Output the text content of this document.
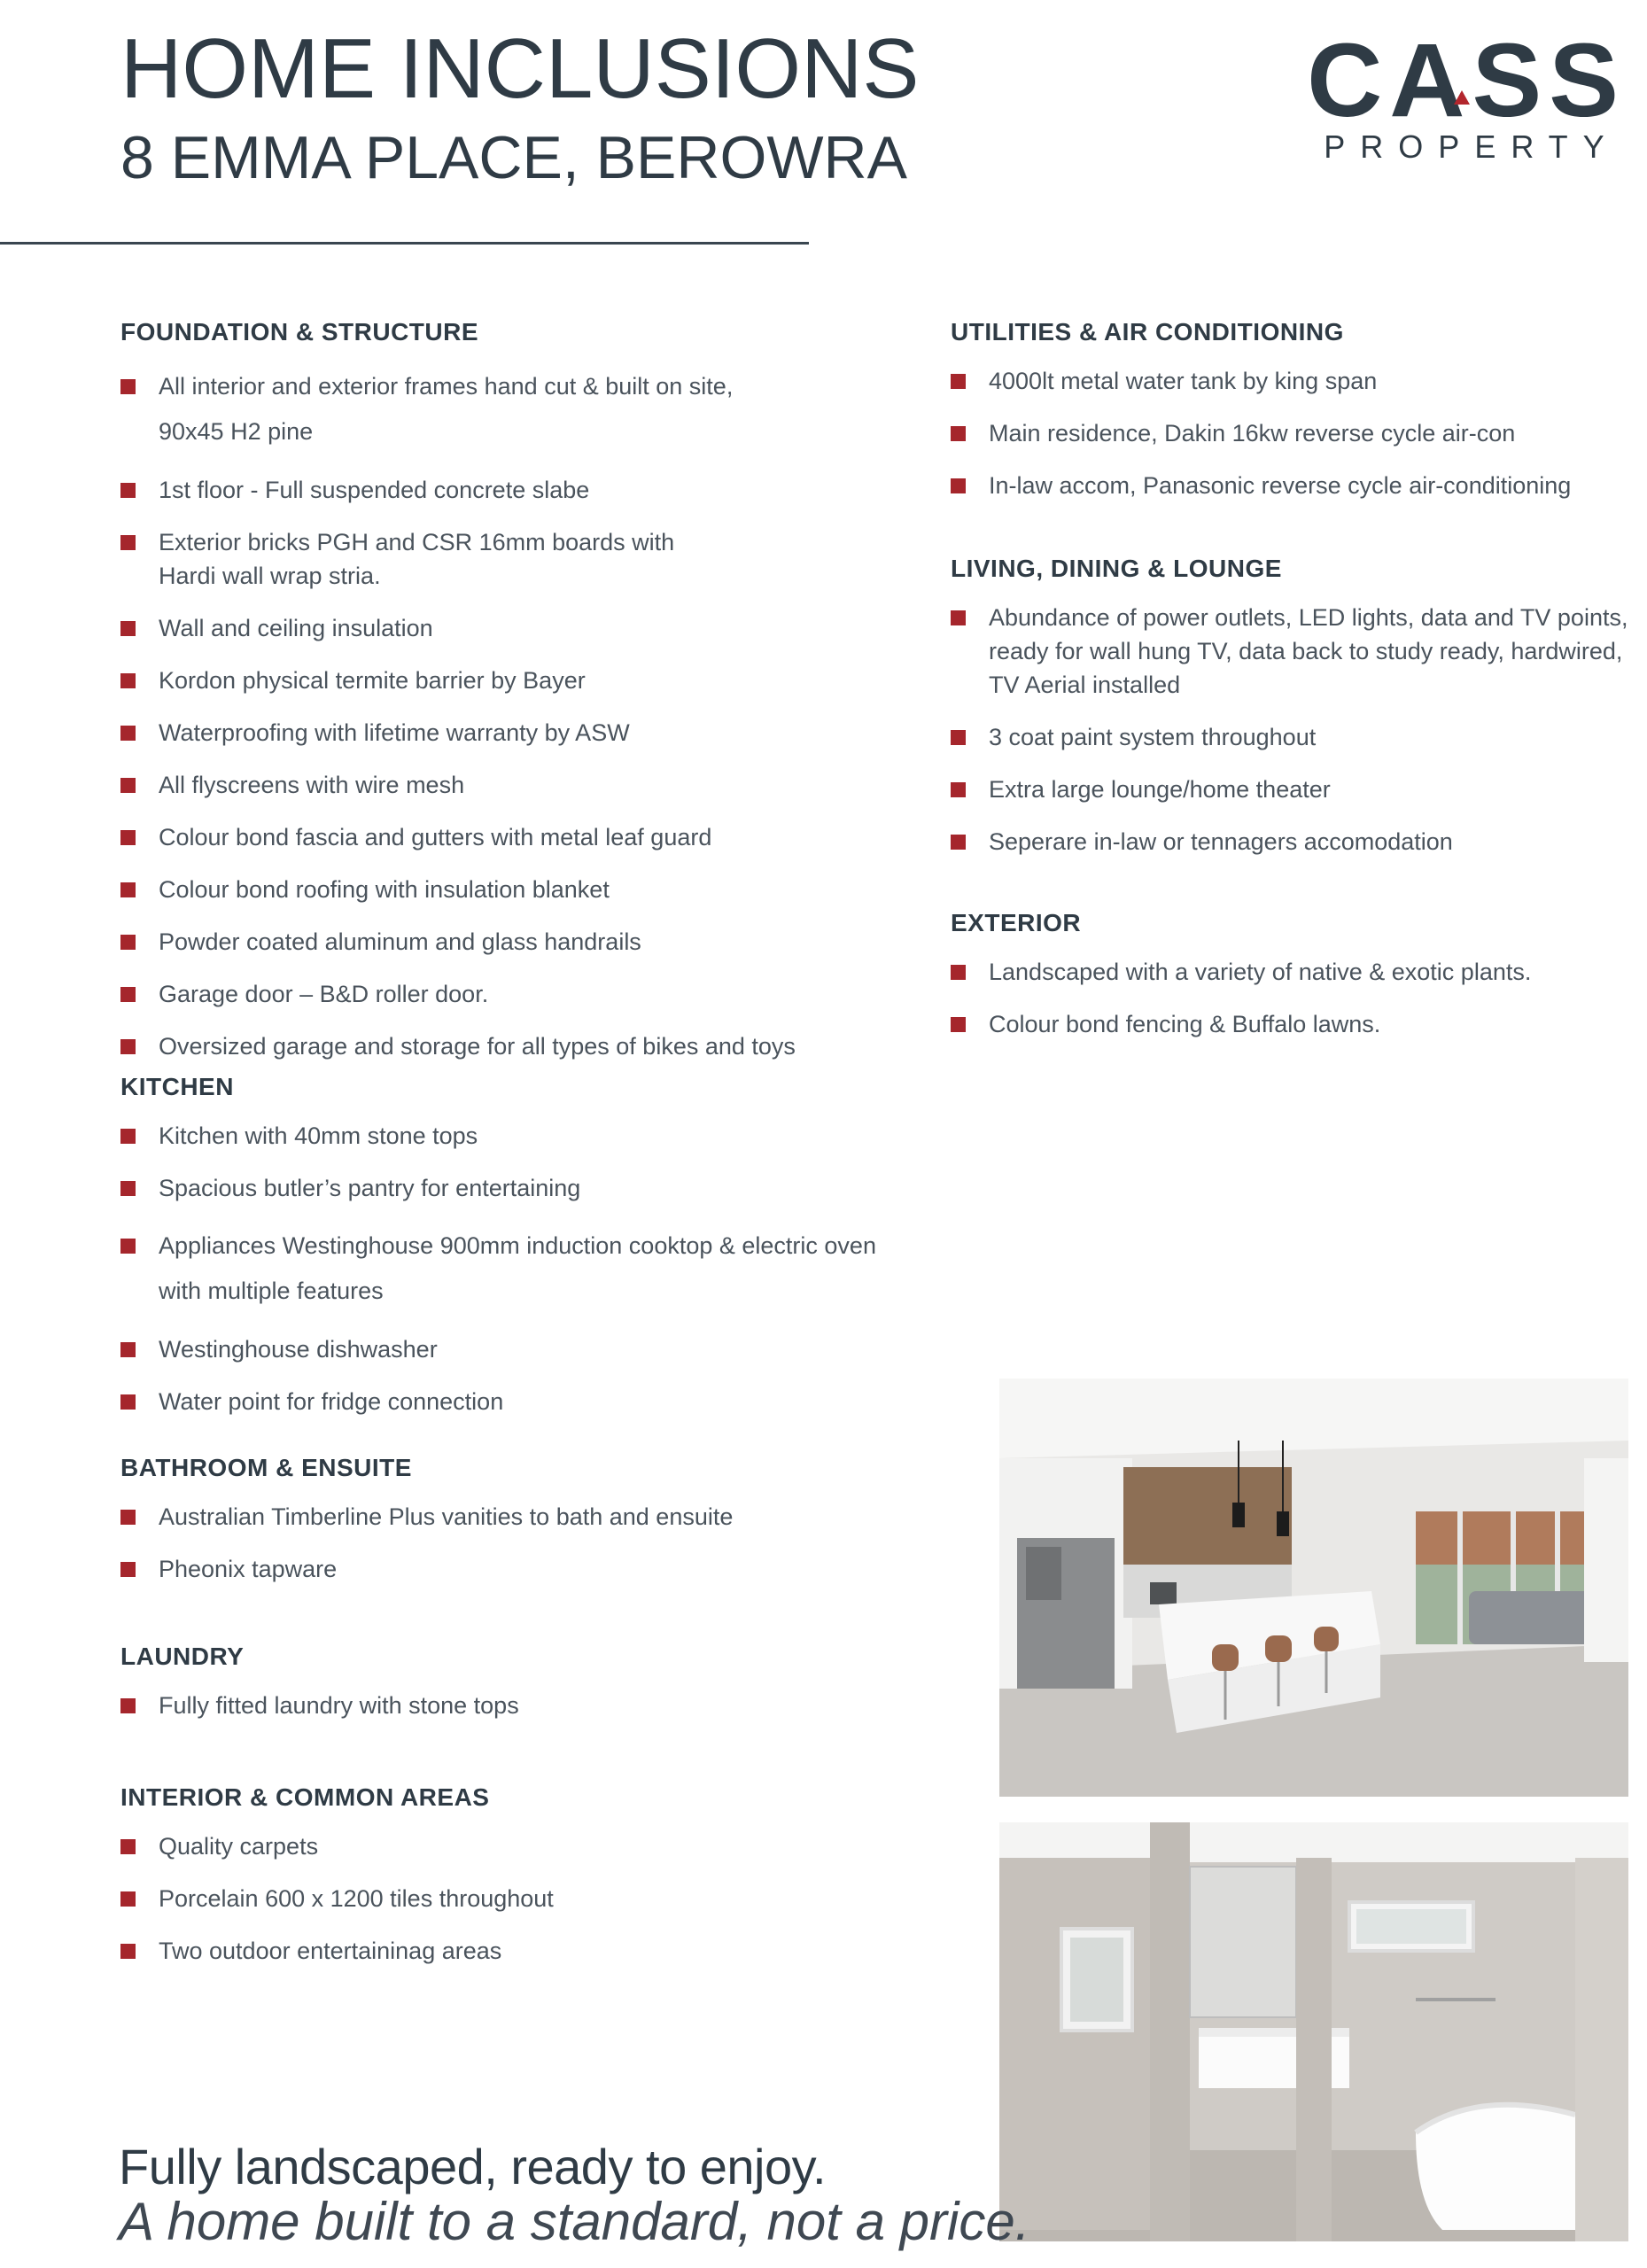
HOME INCLUSIONS
8 EMMA PLACE, BEROWRA
CASS
PROPERTY
FOUNDATION & STRUCTURE
All interior and exterior frames hand cut & built on site,
90x45 H2 pine
1st floor - Full suspended concrete slabe
Exterior bricks PGH and CSR 16mm boards with
Hardi wall wrap stria.
Wall and ceiling insulation
Kordon physical termite barrier by Bayer
Waterproofing with lifetime warranty by ASW
All flyscreens with wire mesh
Colour bond fascia and gutters with metal leaf guard
Colour bond roofing with insulation blanket
Powder coated aluminum and glass handrails
Garage door – B&D roller door.
Oversized garage and storage for all types of bikes and toys
KITCHEN
Kitchen with 40mm stone tops
Spacious butler’s pantry for entertaining
Appliances Westinghouse 900mm induction cooktop & electric oven
with multiple features
Westinghouse dishwasher
Water point for fridge connection
BATHROOM & ENSUITE
Australian Timberline Plus vanities to bath and ensuite
Pheonix tapware
LAUNDRY
Fully fitted laundry with stone tops
INTERIOR & COMMON AREAS
Quality carpets
Porcelain 600 x 1200 tiles throughout
Two outdoor entertaininag areas
UTILITIES & AIR CONDITIONING
4000lt metal water tank by king span
Main residence, Dakin 16kw reverse cycle air-con
In-law accom, Panasonic reverse cycle air-conditioning
LIVING, DINING & LOUNGE
Abundance of power outlets, LED lights, data and TV points,
ready for wall hung TV, data back to study ready, hardwired,
TV Aerial installed
3 coat paint system throughout
Extra large lounge/home theater
Seperare in-law or tennagers accomodation
EXTERIOR
Landscaped with a variety of native & exotic plants.
Colour bond fencing & Buffalo lawns.
Fully landscaped, ready to enjoy.
A home built to a standard, not a price.
